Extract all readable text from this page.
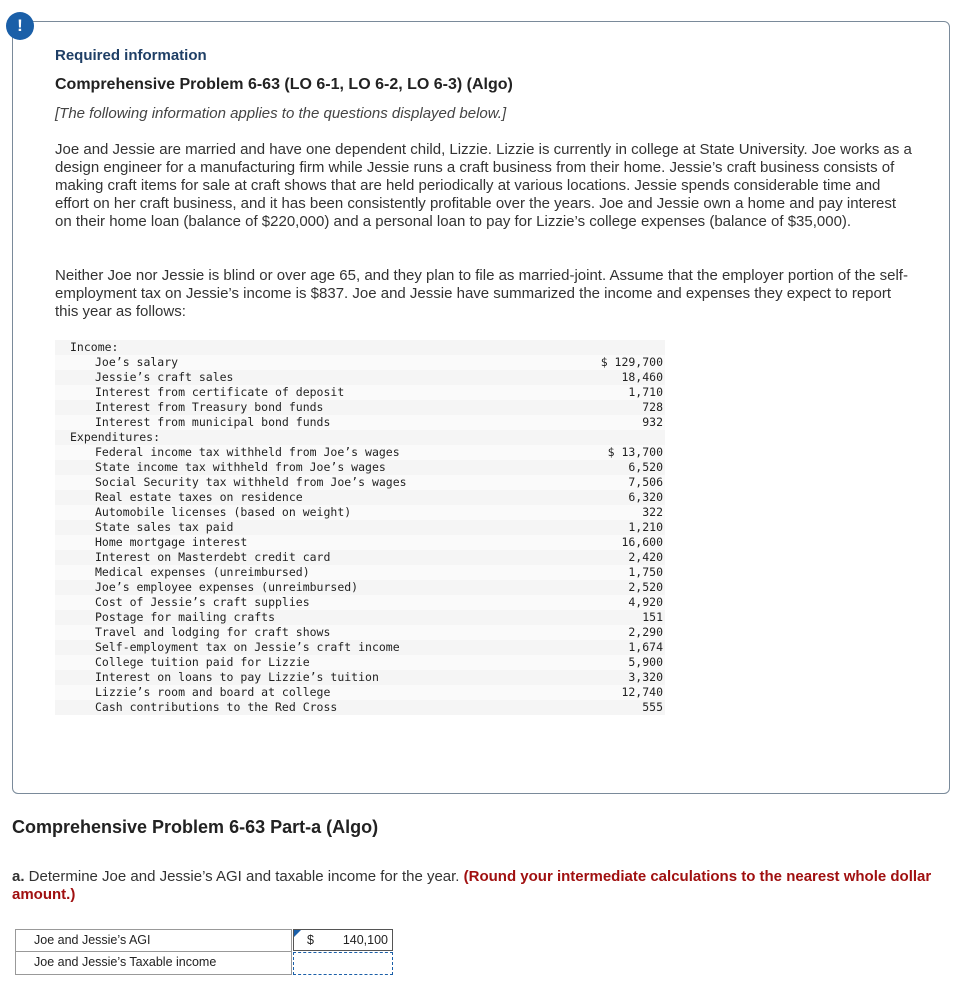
!
Required information
Comprehensive Problem 6-63 (LO 6-1, LO 6-2, LO 6-3) (Algo)
[The following information applies to the questions displayed below.]
Joe and Jessie are married and have one dependent child, Lizzie. Lizzie is currently in college at State University. Joe works as a design engineer for a manufacturing firm while Jessie runs a craft business from their home. Jessie’s craft business consists of making craft items for sale at craft shows that are held periodically at various locations. Jessie spends considerable time and effort on her craft business, and it has been consistently profitable over the years. Joe and Jessie own a home and pay interest on their home loan (balance of $220,000) and a personal loan to pay for Lizzie’s college expenses (balance of $35,000).
Neither Joe nor Jessie is blind or over age 65, and they plan to file as married-joint. Assume that the employer portion of the self-employment tax on Jessie’s income is $837. Joe and Jessie have summarized the income and expenses they expect to report this year as follows:
Income:
Joe’s salary	$ 129,700
Jessie’s craft sales	18,460
Interest from certificate of deposit	1,710
Interest from Treasury bond funds	728
Interest from municipal bond funds	932
Expenditures:
Federal income tax withheld from Joe’s wages	$ 13,700
State income tax withheld from Joe’s wages	6,520
Social Security tax withheld from Joe’s wages	7,506
Real estate taxes on residence	6,320
Automobile licenses (based on weight)	322
State sales tax paid	1,210
Home mortgage interest	16,600
Interest on Masterdebt credit card	2,420
Medical expenses (unreimbursed)	1,750
Joe’s employee expenses (unreimbursed)	2,520
Cost of Jessie’s craft supplies	4,920
Postage for mailing crafts	151
Travel and lodging for craft shows	2,290
Self-employment tax on Jessie’s craft income	1,674
College tuition paid for Lizzie	5,900
Interest on loans to pay Lizzie’s tuition	3,320
Lizzie’s room and board at college	12,740
Cash contributions to the Red Cross	555
Comprehensive Problem 6-63 Part-a (Algo)
a. Determine Joe and Jessie’s AGI and taxable income for the year. (Round your intermediate calculations to the nearest whole dollar amount.)
Joe and Jessie’s AGI	$ 140,100
Joe and Jessie’s Taxable income
